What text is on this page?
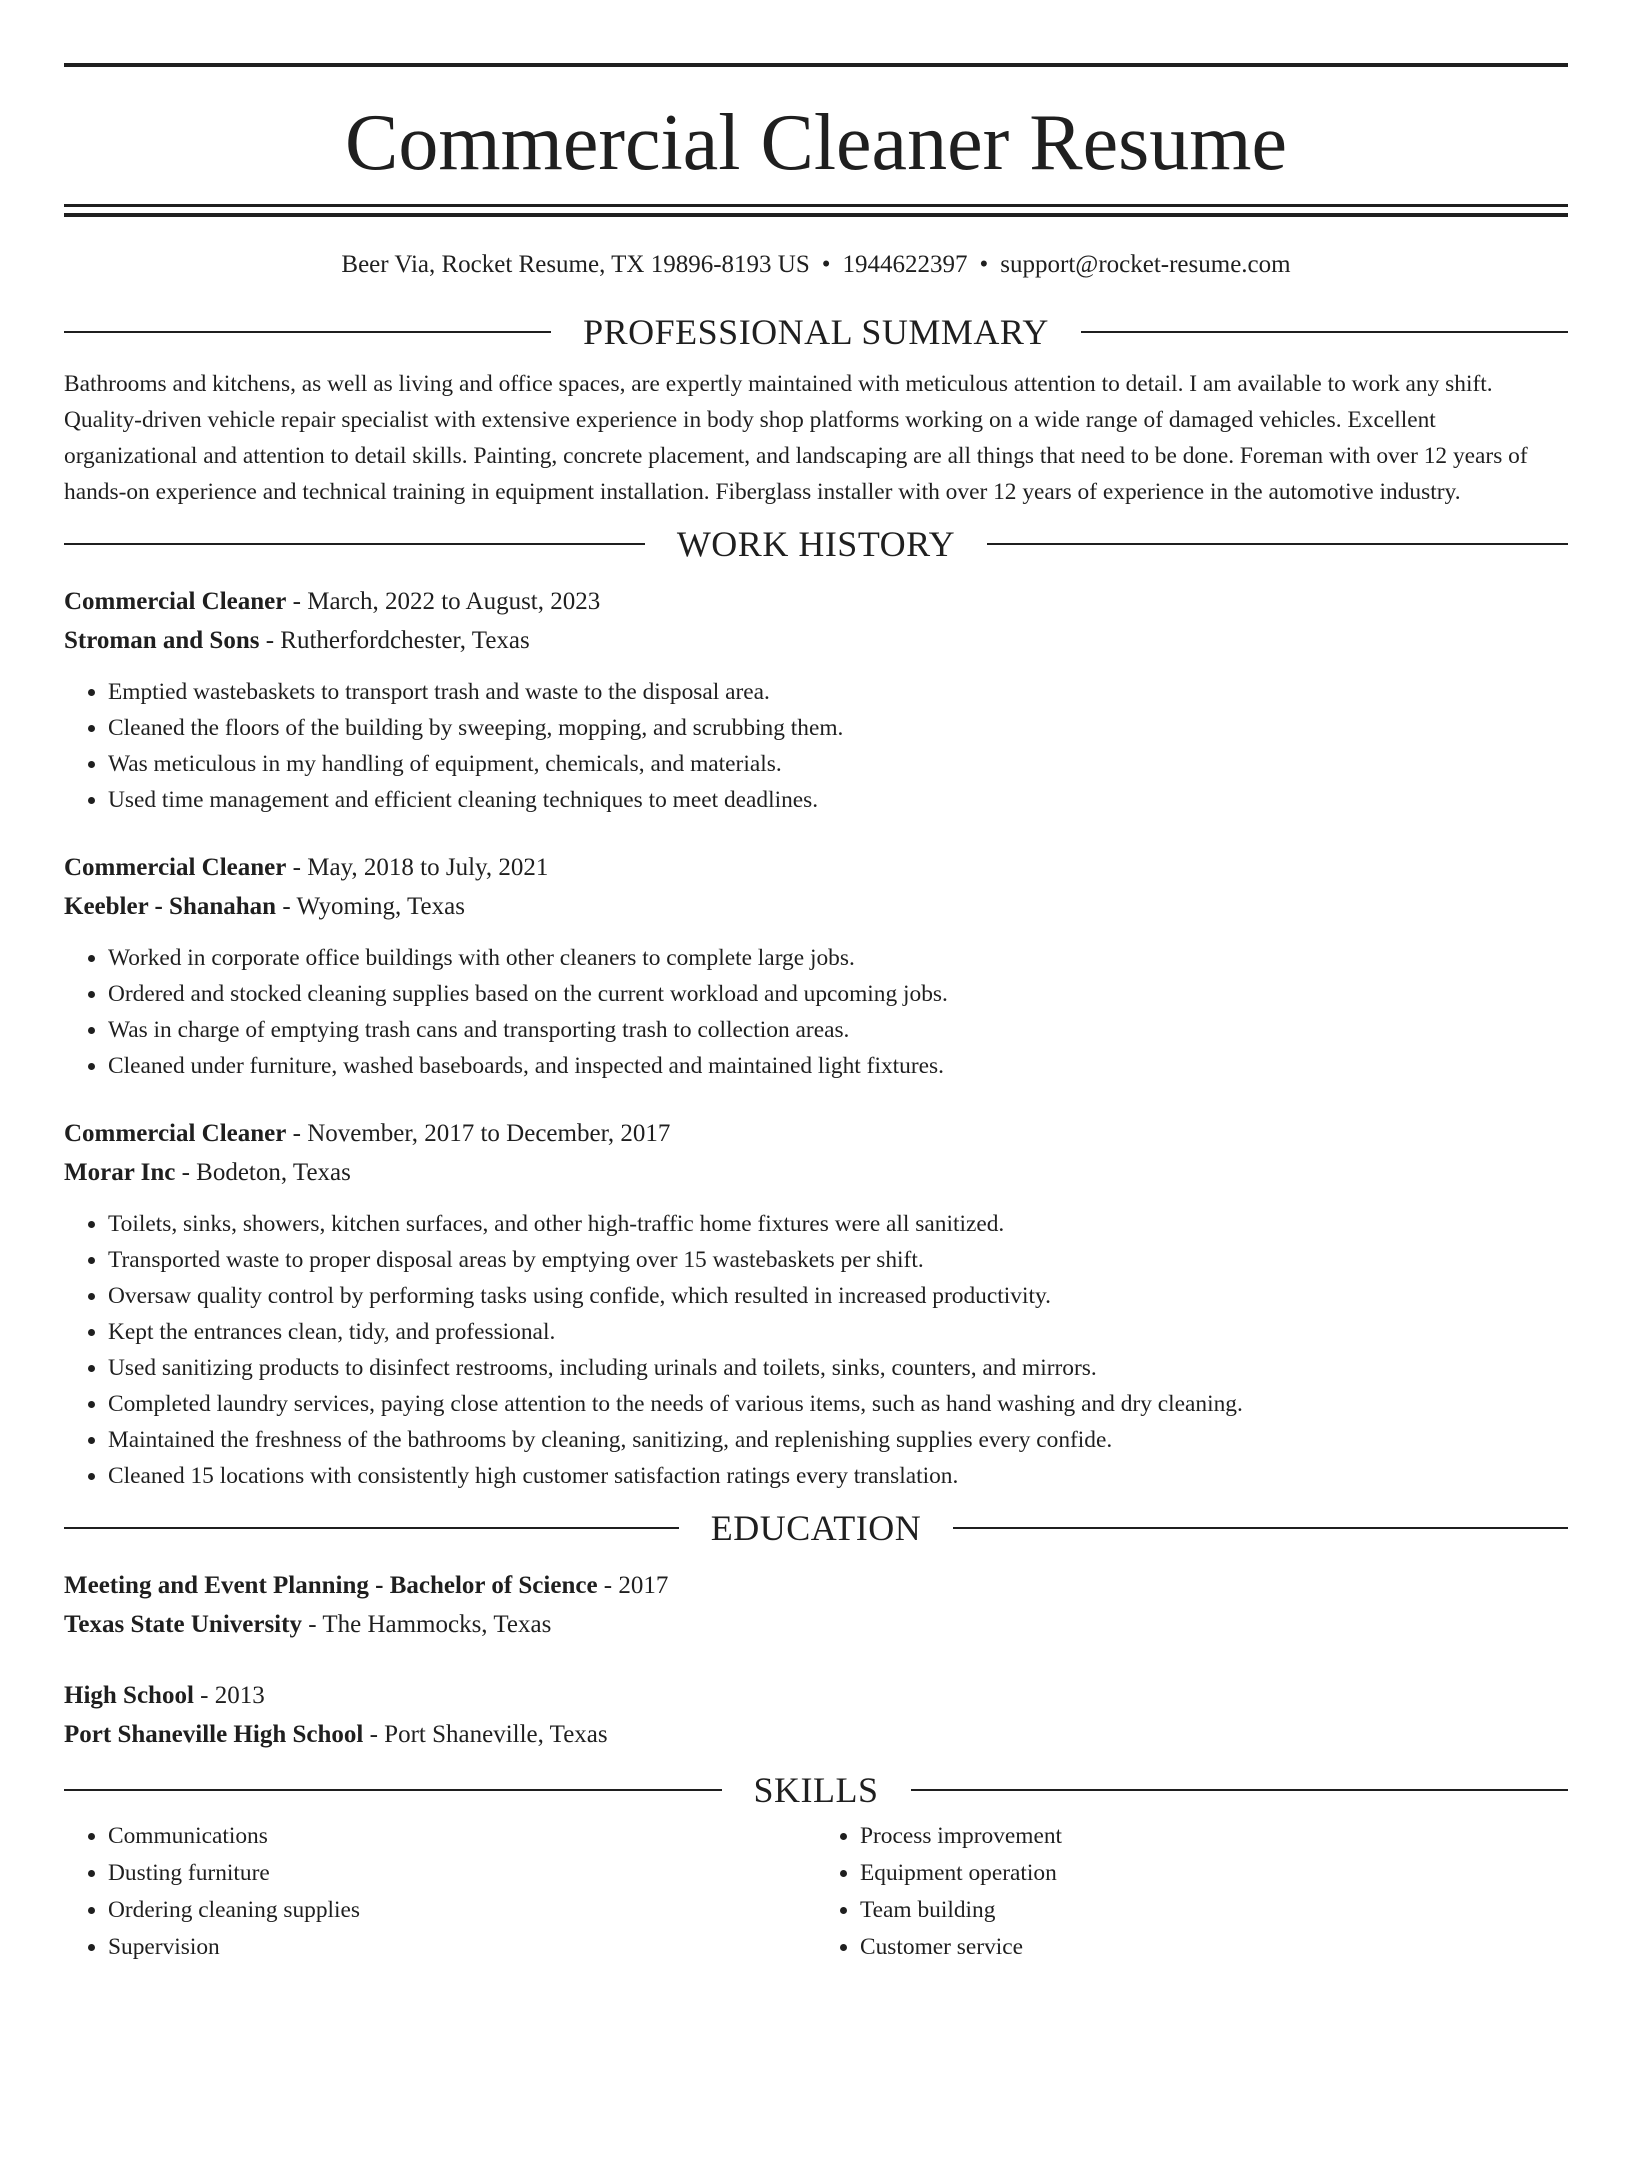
Commercial Cleaner Resume
Beer Via, Rocket Resume, TX 19896-8193 US • 1944622397 • support@rocket-resume.com
PROFESSIONAL SUMMARY

Bathrooms and kitchens, as well as living and office spaces, are expertly maintained with meticulous attention to detail. I am available to work any shift. Quality-driven vehicle repair specialist with extensive experience in body shop platforms working on a wide range of damaged vehicles. Excellent organizational and attention to detail skills. Painting, concrete placement, and landscaping are all things that need to be done. Foreman with over 12 years of hands-on experience and technical training in equipment installation. Fiberglass installer with over 12 years of experience in the automotive industry.

WORK HISTORY

Commercial Cleaner - March, 2022 to August, 2023

Stroman and Sons - Rutherfordchester, Texas

• Emptied wastebaskets to transport trash and waste to the disposal area.
• Cleaned the floors of the building by sweeping, mopping, and scrubbing them.
• Was meticulous in my handling of equipment, chemicals, and materials.
• Used time management and efficient cleaning techniques to meet deadlines.

Commercial Cleaner - May, 2018 to July, 2021

Keebler - Shanahan - Wyoming, Texas

• Worked in corporate office buildings with other cleaners to complete large jobs.
• Ordered and stocked cleaning supplies based on the current workload and upcoming jobs.
• Was in charge of emptying trash cans and transporting trash to collection areas.
• Cleaned under furniture, washed baseboards, and inspected and maintained light fixtures.

Commercial Cleaner - November, 2017 to December, 2017

Morar Inc - Bodeton, Texas

• Toilets, sinks, showers, kitchen surfaces, and other high-traffic home fixtures were all sanitized.
• Transported waste to proper disposal areas by emptying over 15 wastebaskets per shift.
• Oversaw quality control by performing tasks using confide, which resulted in increased productivity.
• Kept the entrances clean, tidy, and professional.
• Used sanitizing products to disinfect restrooms, including urinals and toilets, sinks, counters, and mirrors.
• Completed laundry services, paying close attention to the needs of various items, such as hand washing and dry cleaning.
• Maintained the freshness of the bathrooms by cleaning, sanitizing, and replenishing supplies every confide.
• Cleaned 15 locations with consistently high customer satisfaction ratings every translation.
EDUCATION

Meeting and Event Planning - Bachelor of Science - 2017

Texas State University - The Hammocks, Texas

High School - 2013

Port Shaneville High School - Port Shaneville, Texas

SKILLS
• Communications
• Dusting furniture
• Ordering cleaning supplies
• Supervision
• Process improvement
• Equipment operation
• Team building
• Customer service
